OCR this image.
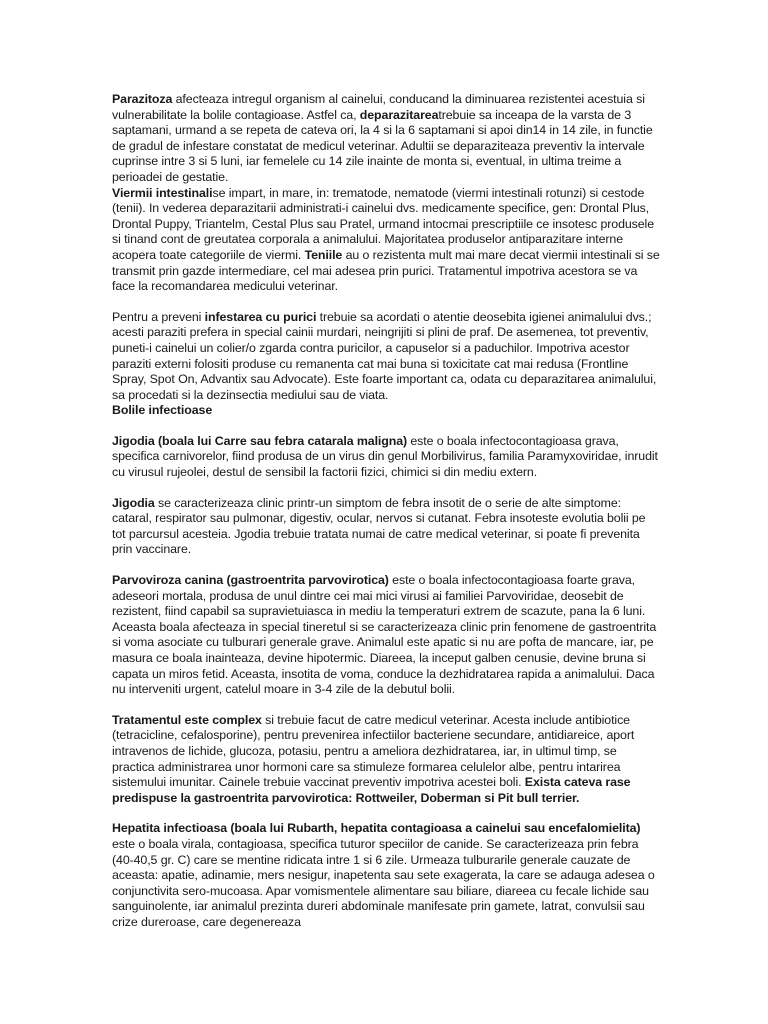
Parazitoza afecteaza intregul organism al cainelui, conducand la diminuarea rezistentei acestuia si vulnerabilitate la bolile contagioase. Astfel ca, deparazitareatrebuie sa inceapa de la varsta de 3 saptamani, urmand a se repeta de cateva ori, la 4 si la 6 saptamani si apoi din14 in 14 zile, in functie de gradul de infestare constatat de medicul veterinar. Adultii se deparaziteaza preventiv la intervale cuprinse intre 3 si 5 luni, iar femelele cu 14 zile inainte de monta si, eventual, in ultima treime a perioadei de gestatie.

Viermii intestinalise impart, in mare, in: trematode, nematode (viermi intestinali rotunzi) si cestode (tenii). In vederea deparazitarii administrati-i cainelui dvs. medicamente specifice, gen: Drontal Plus, Drontal Puppy, Triantelm, Cestal Plus sau Pratel, urmand intocmai prescriptiile ce insotesc produsele si tinand cont de greutatea corporala a animalului. Majoritatea produselor antiparazitare interne acopera toate categoriile de viermi. Teniile au o rezistenta mult mai mare decat viermii intestinali si se transmit prin gazde intermediare, cel mai adesea prin purici. Tratamentul impotriva acestora se va face la recomandarea medicului veterinar.

Pentru a preveni infestarea cu purici trebuie sa acordati o atentie deosebita igienei animalului dvs.; acesti paraziti prefera in special cainii murdari, neingrijiti si plini de praf. De asemenea, tot preventiv, puneti-i cainelui un colier/o zgarda contra puricilor, a capuselor si a paduchilor. Impotriva acestor paraziti externi folositi produse cu remanenta cat mai buna si toxicitate cat mai redusa (Frontline Spray, Spot On, Advantix sau Advocate). Este foarte important ca, odata cu deparazitarea animalului, sa procedati si la dezinsectia mediului sau de viata.

Bolile infectioase

Jigodia (boala lui Carre sau febra catarala maligna) este o boala infectocontagioasa grava, specifica carnivorelor, fiind produsa de un virus din genul Morbilivirus, familia Paramyxoviridae, inrudit cu virusul rujeolei, destul de sensibil la factorii fizici, chimici si din mediu extern.

Jigodia se caracterizeaza clinic printr-un simptom de febra insotit de o serie de alte simptome: cataral, respirator sau pulmonar, digestiv, ocular, nervos si cutanat. Febra insoteste evolutia bolii pe tot parcursul acesteia. Jgodia trebuie tratata numai de catre medical veterinar, si poate fi prevenita prin vaccinare.

Parvoviroza canina (gastroentrita parvovirotica) este o boala infectocontagioasa foarte grava, adeseori mortala, produsa de unul dintre cei mai mici virusi ai familiei Parvoviridae, deosebit de rezistent, fiind capabil sa supravietuiasca in mediu la temperaturi extrem de scazute, pana la 6 luni. Aceasta boala afecteaza in special tineretul si se caracterizeaza clinic prin fenomene de gastroentrita si voma asociate cu tulburari generale grave. Animalul este apatic si nu are pofta de mancare, iar, pe masura ce boala inainteaza, devine hipotermic. Diareea, la inceput galben cenusie, devine bruna si capata un miros fetid. Aceasta, insotita de voma, conduce la dezhidratarea rapida a animalului. Daca nu interveniti urgent, catelul moare in 3-4 zile de la debutul bolii.

Tratamentul este complex si trebuie facut de catre medicul veterinar. Acesta include antibiotice (tetracicline, cefalosporine), pentru prevenirea infectiilor bacteriene secundare, antidiareice, aport intravenos de lichide, glucoza, potasiu, pentru a ameliora dezhidratarea, iar, in ultimul timp, se practica administrarea unor hormoni care sa stimuleze formarea celulelor albe, pentru intarirea sistemului imunitar. Cainele trebuie vaccinat preventiv impotriva acestei boli. Exista cateva rase predispuse la gastroentrita parvovirotica: Rottweiler, Doberman si Pit bull terrier.

Hepatita infectioasa (boala lui Rubarth, hepatita contagioasa a cainelui sau encefalomielita) este o boala virala, contagioasa, specifica tuturor speciilor de canide. Se caracterizeaza prin febra (40-40,5 gr. C) care se mentine ridicata intre 1 si 6 zile. Urmeaza tulburarile generale cauzate de aceasta: apatie, adinamie, mers nesigur, inapetenta sau sete exagerata, la care se adauga adesea o conjunctivita sero-mucoasa. Apar vomismentele alimentare sau biliare, diareea cu fecale lichide sau sanguinolente, iar animalul prezinta dureri abdominale manifesate prin gamete, latrat, convulsii sau crize dureroase, care degenereaza
